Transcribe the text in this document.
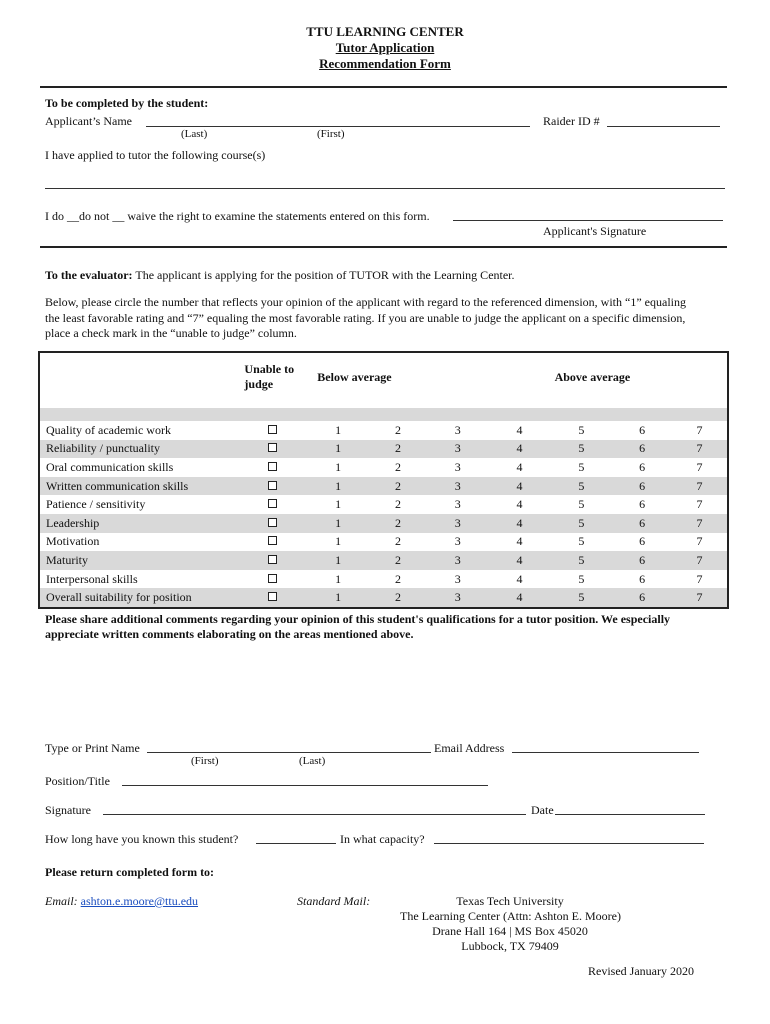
TTU LEARNING CENTER
Tutor Application
Recommendation Form
To be completed by the student:
Applicant’s Name	Raider ID #
(Last)	(First)
I have applied to tutor the following course(s)
I do __do not __ waive the right to examine the statements entered on this form.
Applicant's Signature
To the evaluator: The applicant is applying for the position of TUTOR with the Learning Center.
Below, please circle the number that reflects your opinion of the applicant with regard to the referenced dimension, with “1” equaling
the least favorable rating and “7” equaling the most favorable rating. If you are unable to judge the applicant on a specific dimension,
place a check mark in the “unable to judge” column.
	Unable to
judge	Below average			Above average			

Quality of academic work		1	2	3	4	5	6	7
Reliability / punctuality		1	2	3	4	5	6	7
Oral communication skills		1	2	3	4	5	6	7
Written communication skills		1	2	3	4	5	6	7
Patience / sensitivity		1	2	3	4	5	6	7
Leadership		1	2	3	4	5	6	7
Motivation		1	2	3	4	5	6	7
Maturity		1	2	3	4	5	6	7
Interpersonal skills		1	2	3	4	5	6	7
Overall suitability for position		1	2	3	4	5	6	7
Please share additional comments regarding your opinion of this student's qualifications for a tutor position. We especially
appreciate written comments elaborating on the areas mentioned above.
Type or Print Name	Email Address
(First)	(Last)
Position/Title
Signature	Date
How long have you known this student?	In what capacity?
Please return completed form to:
Email: ashton.e.moore@ttu.edu	Standard Mail:	Texas Tech University
The Learning Center (Attn: Ashton E. Moore)
Drane Hall 164 | MS Box 45020
Lubbock, TX 79409
Revised January 2020
